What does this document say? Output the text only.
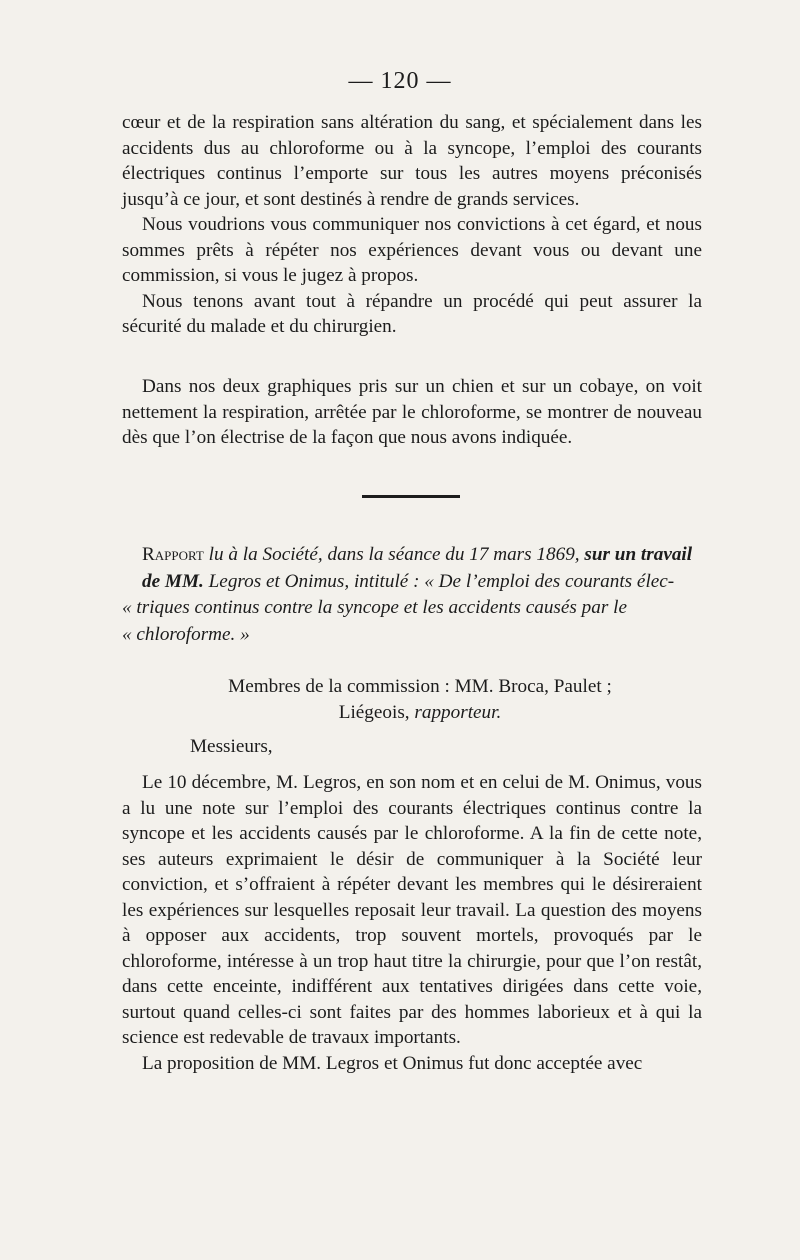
— 120 —

cœur et de la respiration sans altération du sang, et spécialement dans les accidents dus au chloroforme ou à la syncope, l’emploi des courants électriques continus l’emporte sur tous les autres moyens préconisés jusqu’à ce jour, et sont destinés à rendre de grands services.

Nous voudrions vous communiquer nos convictions à cet égard, et nous sommes prêts à répéter nos expériences devant vous ou devant une commission, si vous le jugez à propos.

Nous tenons avant tout à répandre un procédé qui peut assurer la sécurité du malade et du chirurgien.

Dans nos deux graphiques pris sur un chien et sur un cobaye, on voit nettement la respiration, arrêtée par le chloroforme, se montrer de nouveau dès que l’on électrise de la façon que nous avons indiquée.

Rapport lu à la Société, dans la séance du 17 mars 1869, sur un travail
de MM. Legros et Onimus, intitulé : « De l’emploi des courants élec-
« triques continus contre la syncope et les accidents causés par le
« chloroforme. »
Membres de la commission : MM. Broca, Paulet ;
Liégeois, rapporteur.
Messieurs,

Le 10 décembre, M. Legros, en son nom et en celui de M. Onimus, vous a lu une note sur l’emploi des courants électriques continus contre la syncope et les accidents causés par le chloroforme. A la fin de cette note, ses auteurs exprimaient le désir de communiquer à la Société leur conviction, et s’offraient à répéter devant les membres qui le désireraient les expériences sur lesquelles reposait leur travail. La question des moyens à opposer aux accidents, trop souvent mortels, provoqués par le chloroforme, intéresse à un trop haut titre la chirurgie, pour que l’on restât, dans cette enceinte, indifférent aux tentatives dirigées dans cette voie, surtout quand celles-ci sont faites par des hommes laborieux et à qui la science est redevable de travaux importants.

La proposition de MM. Legros et Onimus fut donc acceptée avec
